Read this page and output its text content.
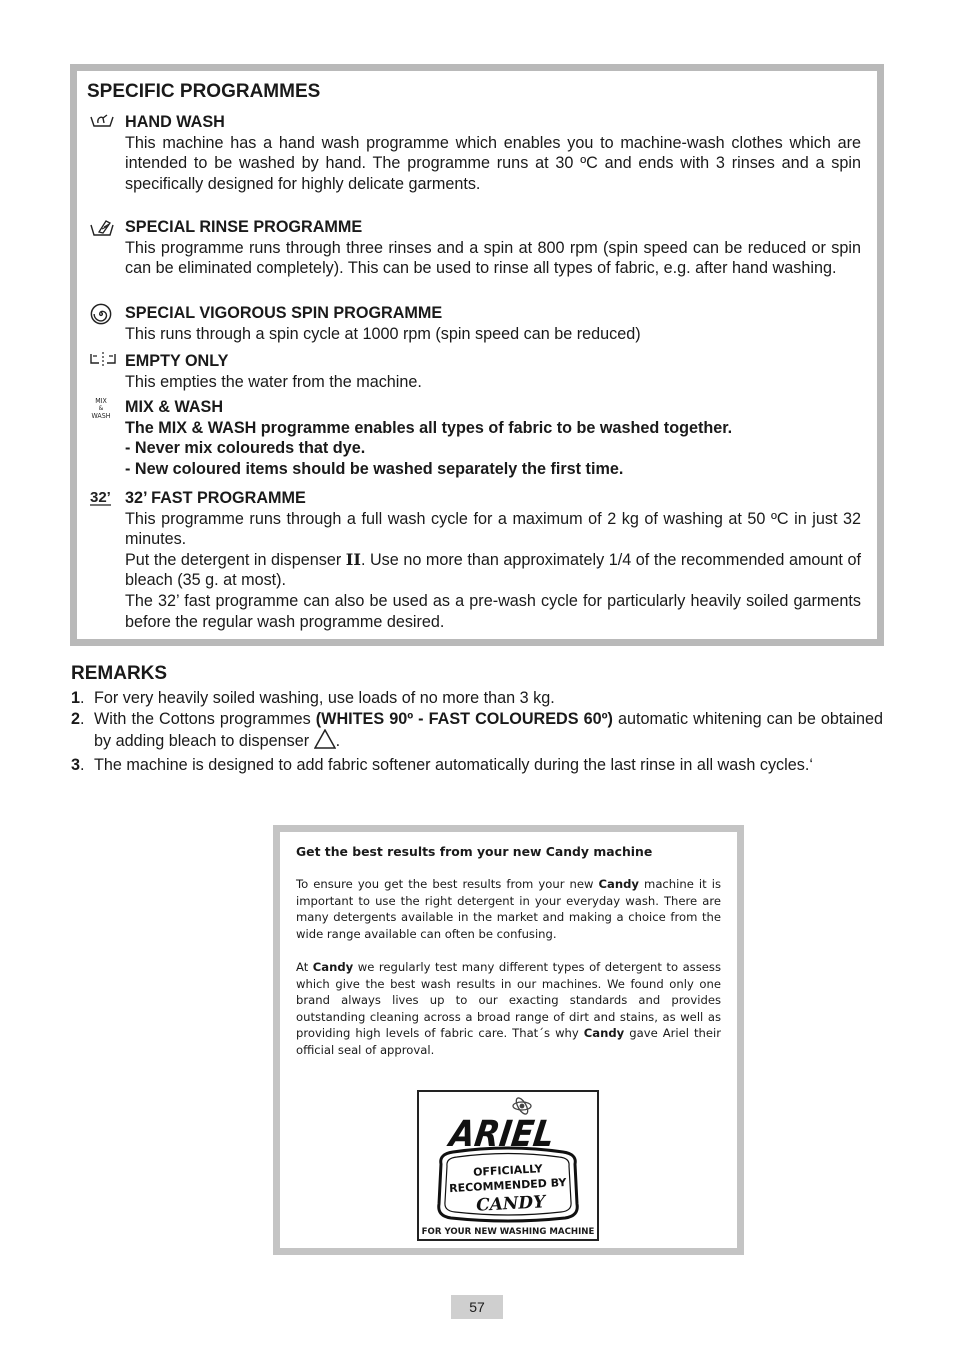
SPECIFIC PROGRAMMES
HAND WASH

This machine has a hand wash programme which enables you to machine-wash clothes which are intended to be washed by hand. The programme runs at 30 ºC and ends with 3 rinses and a spin specifically designed for highly delicate garments.

SPECIAL RINSE PROGRAMME

This programme runs through three rinses and a spin at 800 rpm (spin speed can be reduced or spin can be eliminated completely). This can be used to rinse all types of fabric, e.g. after hand washing.

SPECIAL VIGOROUS SPIN PROGRAMME

This runs through a spin cycle at 1000 rpm (spin speed can be reduced)

EMPTY ONLY

This empties the water from the machine.

MIX
&
WASH MIX & WASH

The MIX & WASH programme enables all types of fabric to be washed together.

- Never mix coloureds that dye.

- New coloured items should be washed separately the first time.

32’ 32’ FAST PROGRAMME

This programme runs through a full wash cycle for a maximum of 2 kg of washing at 50 ºC in just 32 minutes.

Put the detergent in dispenser II. Use no more than approximately 1/4 of the recommended amount of bleach (35 g. at most).

The 32’ fast programme can also be used as a pre-wash cycle for particularly heavily soiled garments before the regular wash programme desired.

REMARKS
1. For very heavily soiled washing, use loads of no more than 3 kg.
2. With the Cottons programmes (WHITES 90º - FAST COLOUREDS 60º) automatic whitening can be obtained by adding bleach to dispenser .
3. The machine is designed to add fabric softener automatically during the last rinse in all wash cycles.‘
Get the best results from your new Candy machine

To ensure you get the best results from your new Candy machine it is important to use the right detergent in your everyday wash. There are many detergents available in the market and making a choice from the wide range available can often be confusing.

At Candy we regularly test many different types of detergent to assess which give the best wash results in our machines. We found only one brand always lives up to our exacting standards and provides outstanding cleaning across a broad range of dirt and stains, as well as providing high levels of fabric care. That´s why Candy gave Ariel their official seal of approval.

ARIEL
OFFICIALLY
RECOMMENDED BY
CANDY
FOR YOUR NEW WASHING MACHINE
57
